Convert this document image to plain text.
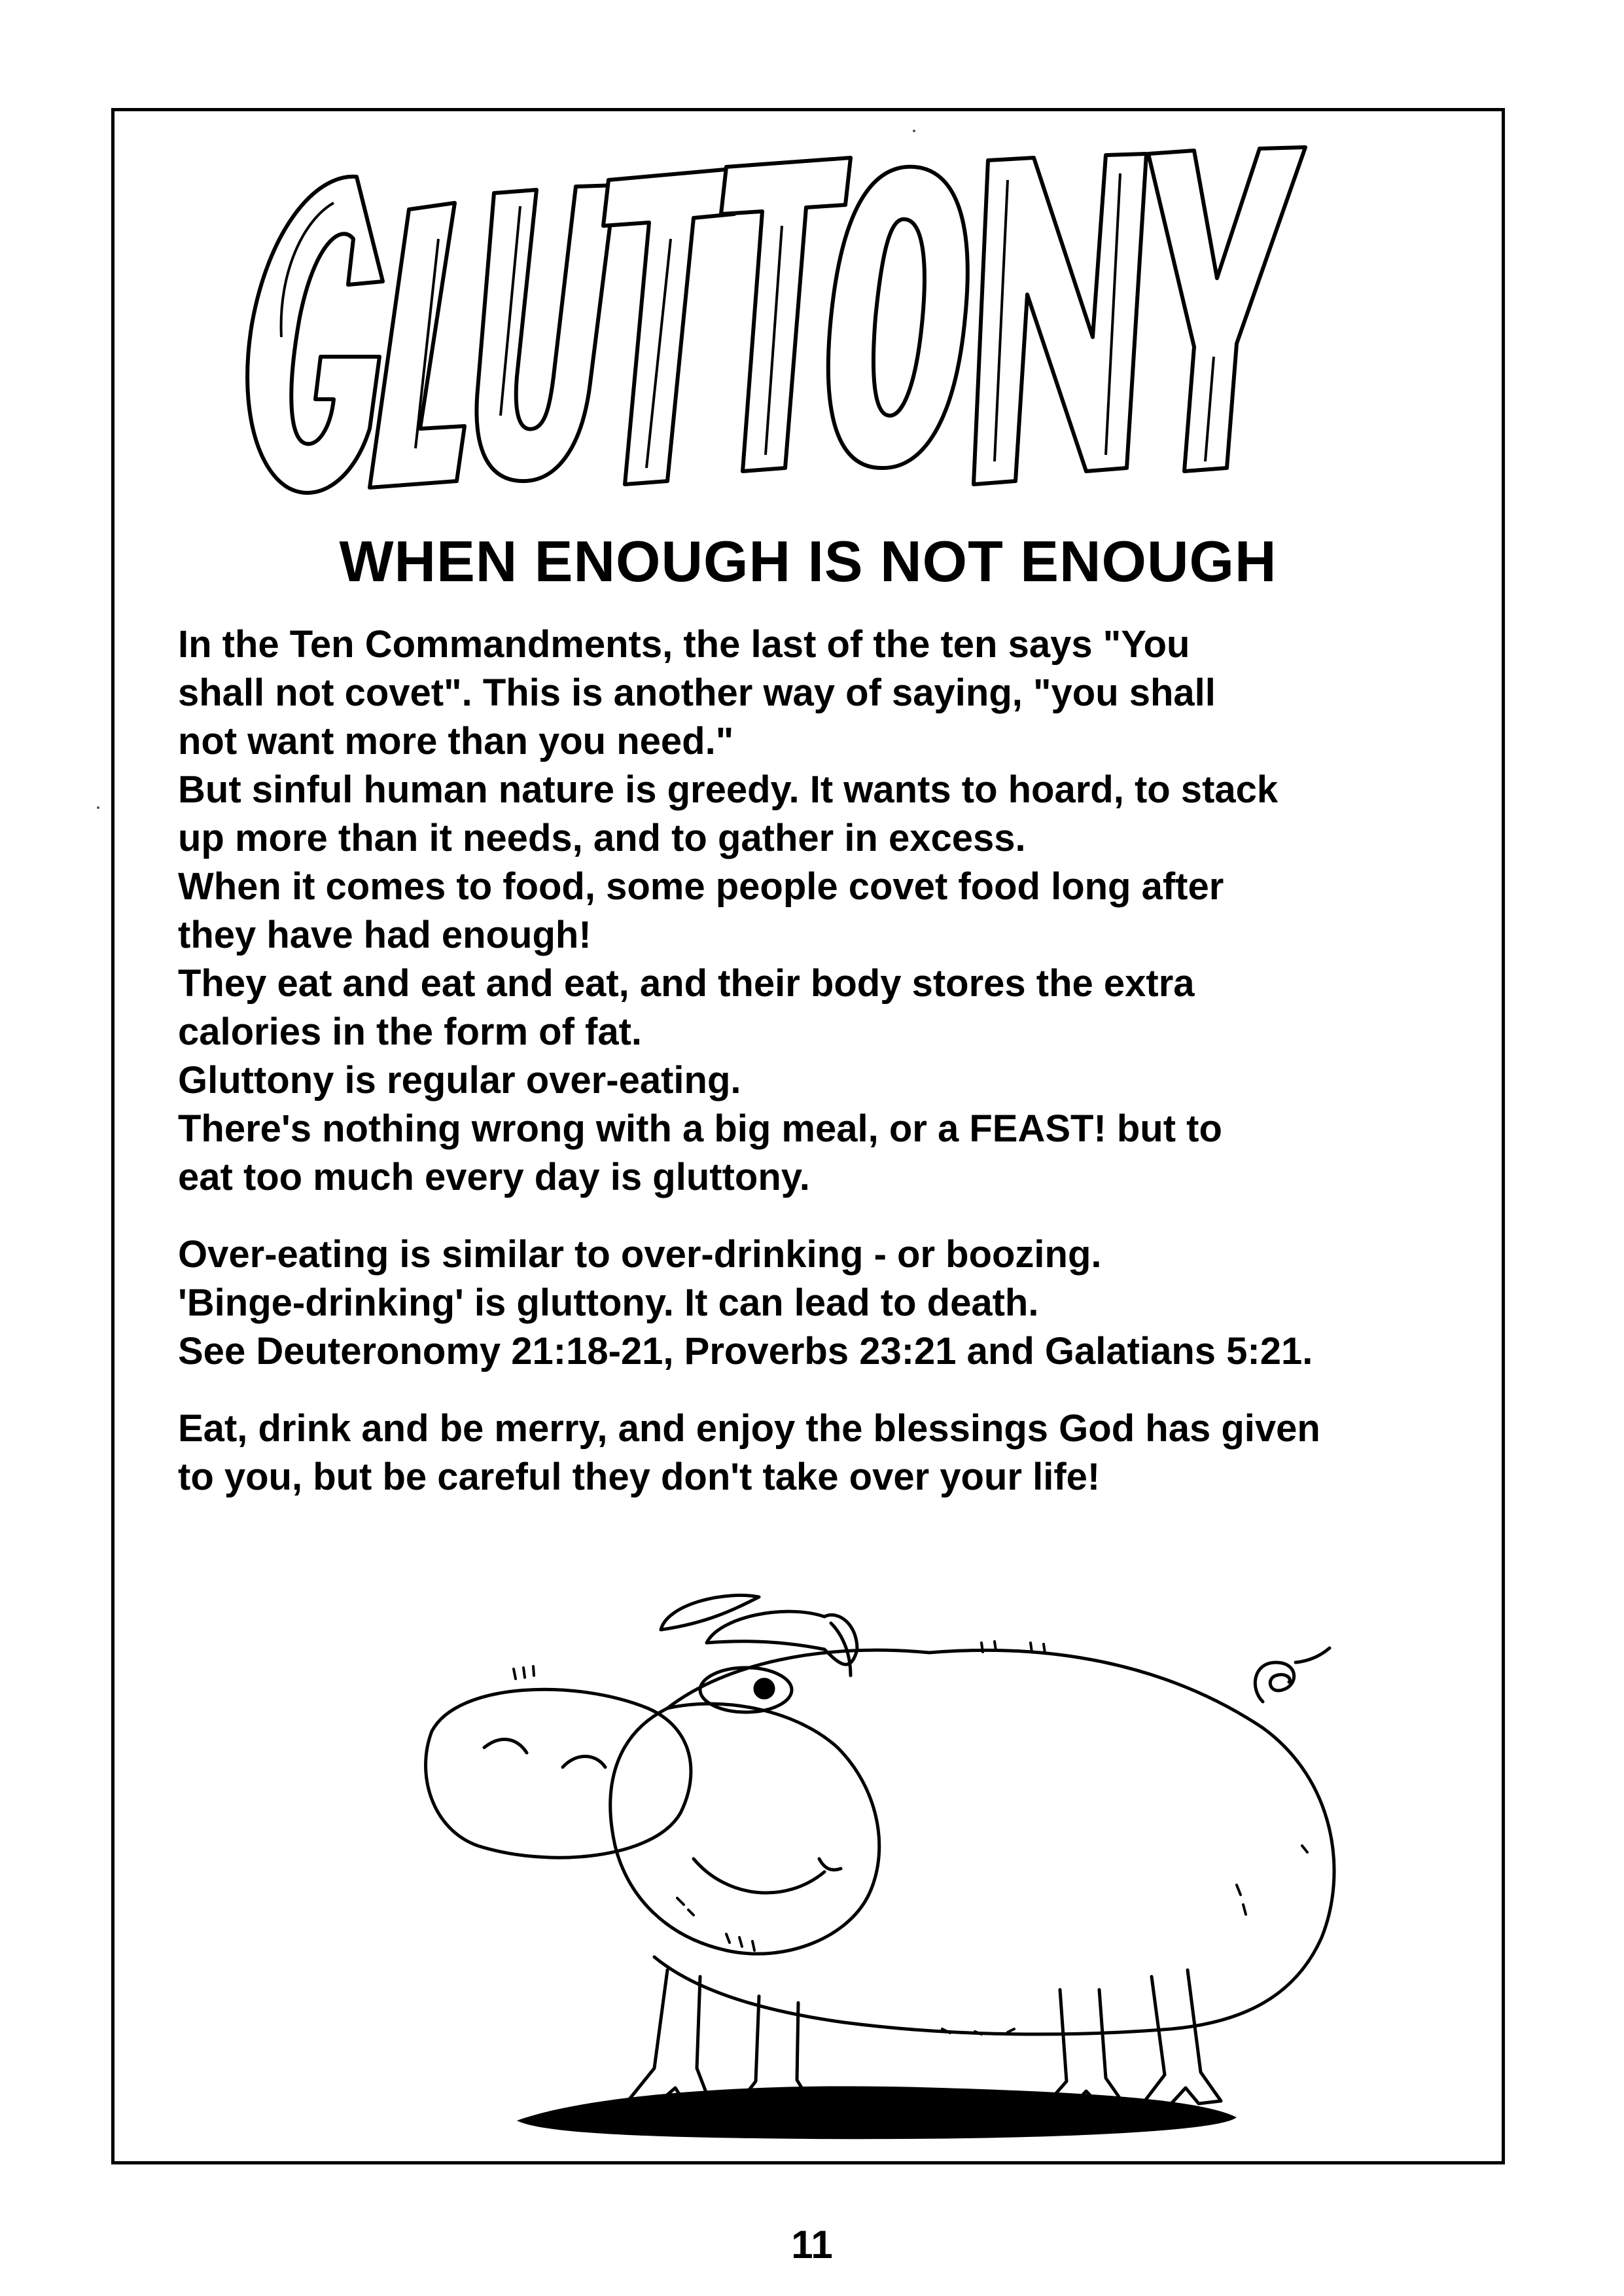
WHEN ENOUGH IS NOT ENOUGH
In the Ten Commandments, the last of the ten says "You
shall not covet". This is another way of saying, "you shall
not want more than you need."
But sinful human nature is greedy. It wants to hoard, to stack
up more than it needs, and to gather in excess.
When it comes to food, some people covet food long after
they have had enough!
They eat and eat and eat, and their body stores the extra
calories in the form of fat.
Gluttony is regular over-eating.
There's nothing wrong with a big meal, or a FEAST! but to
eat too much every day is gluttony.
Over-eating is similar to over-drinking - or boozing.
'Binge-drinking' is gluttony. It can lead to death.
See Deuteronomy 21:18-21, Proverbs 23:21 and Galatians 5:21.
Eat, drink and be merry, and enjoy the blessings God has given
to you, but be careful they don't take over your life!
11
